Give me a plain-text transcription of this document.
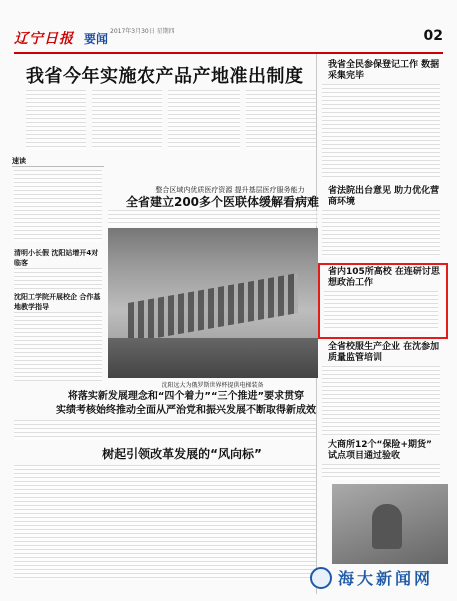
辽宁日报 要闻 2017年3月30日 星期四	02
我省今年实施农产品产地准出制度
速读
清明小长假 沈阳站增开4对临客
沈阳工学院开展校企 合作基地教学指导
整合区域内优质医疗资源 提升基层医疗服务能力
全省建立200多个医联体缓解看病难
沈阳远大为俄罗斯世界杯提供电梯装备
将落实新发展理念和“四个着力”“三个推进”要求贯穿
实绩考核始终推动全面从严治党和振兴发展不断取得新成效
树起引领改革发展的“风向标”
我省全民参保登记工作 数据采集完毕
省法院出台意见 助力优化营商环境
省内105所高校 在连研讨思想政治工作
全省校服生产企业 在沈参加质量监管培训
大商所12个“保险+期货” 试点项目通过验收
海大新闻网
